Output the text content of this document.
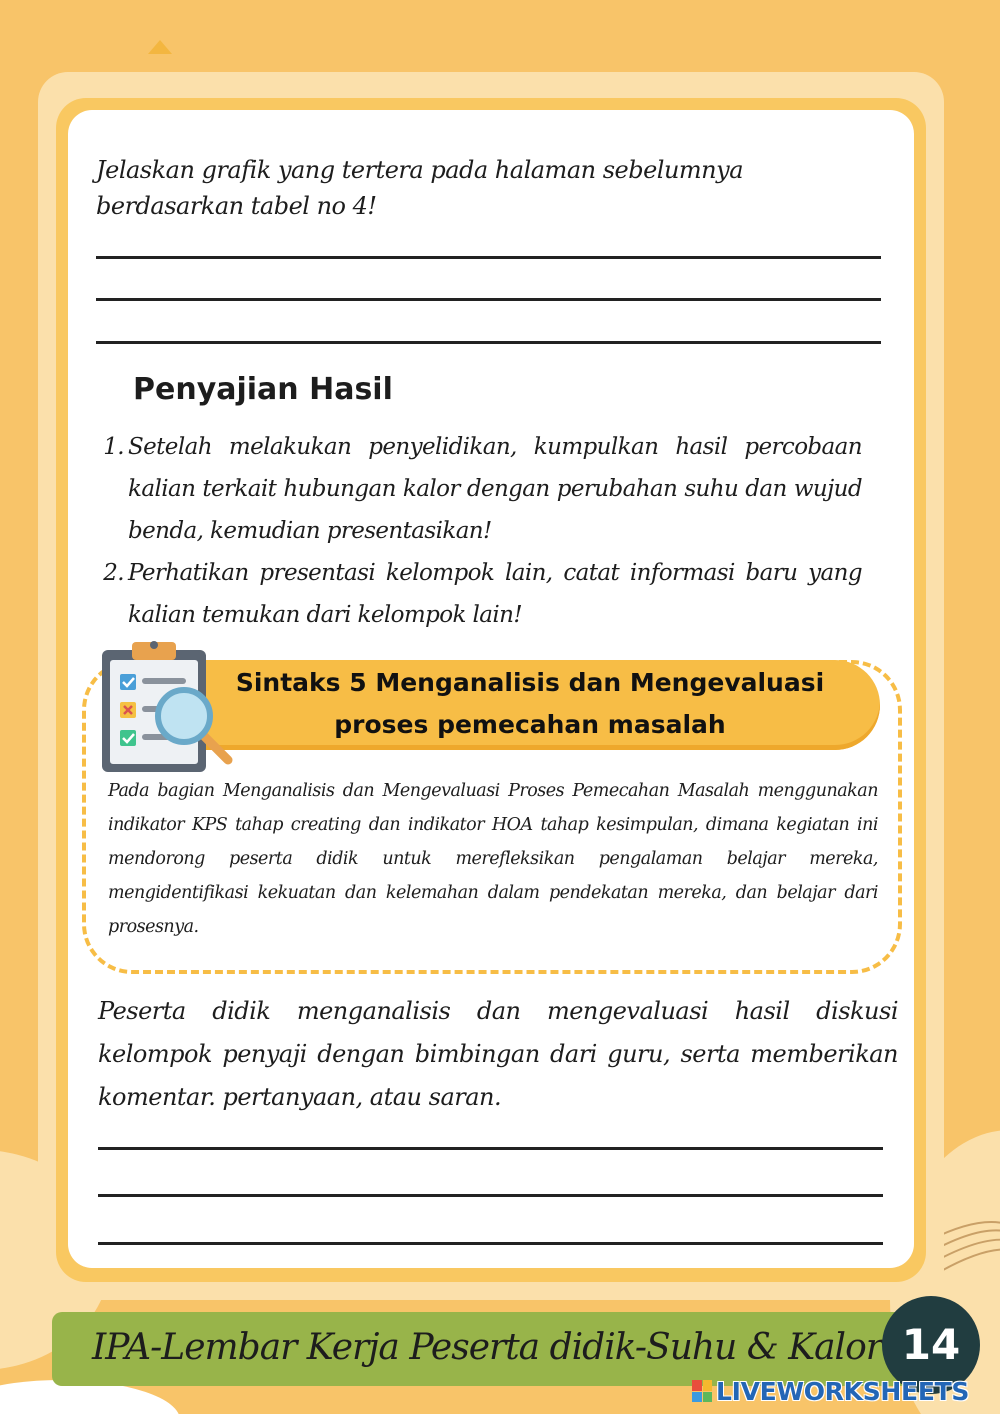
Jelaskan grafik yang tertera pada halaman sebelumnya berdasarkan tabel no 4!
Penyajian Hasil
1. Setelah melakukan penyelidikan, kumpulkan hasil percobaan kalian terkait hubungan kalor dengan perubahan suhu dan wujud benda, kemudian presentasikan!
2. Perhatikan presentasi kelompok lain, catat informasi baru yang kalian temukan dari kelompok lain!
Sintaks 5 Menganalisis dan Mengevaluasi
proses pemecahan masalah
Pada bagian Menganalisis dan Mengevaluasi Proses Pemecahan Masalah menggunakan indikator KPS tahap creating dan indikator HOA tahap kesimpulan, dimana kegiatan ini mendorong peserta didik untuk merefleksikan pengalaman belajar mereka, mengidentifikasi kekuatan dan kelemahan dalam pendekatan mereka, dan belajar dari prosesnya.
Peserta didik menganalisis dan mengevaluasi hasil diskusi kelompok penyaji dengan bimbingan dari guru, serta memberikan komentar. pertanyaan, atau saran.
IPA-Lembar Kerja Peserta didik-Suhu & Kalor 14
LIVEWORKSHEETS
